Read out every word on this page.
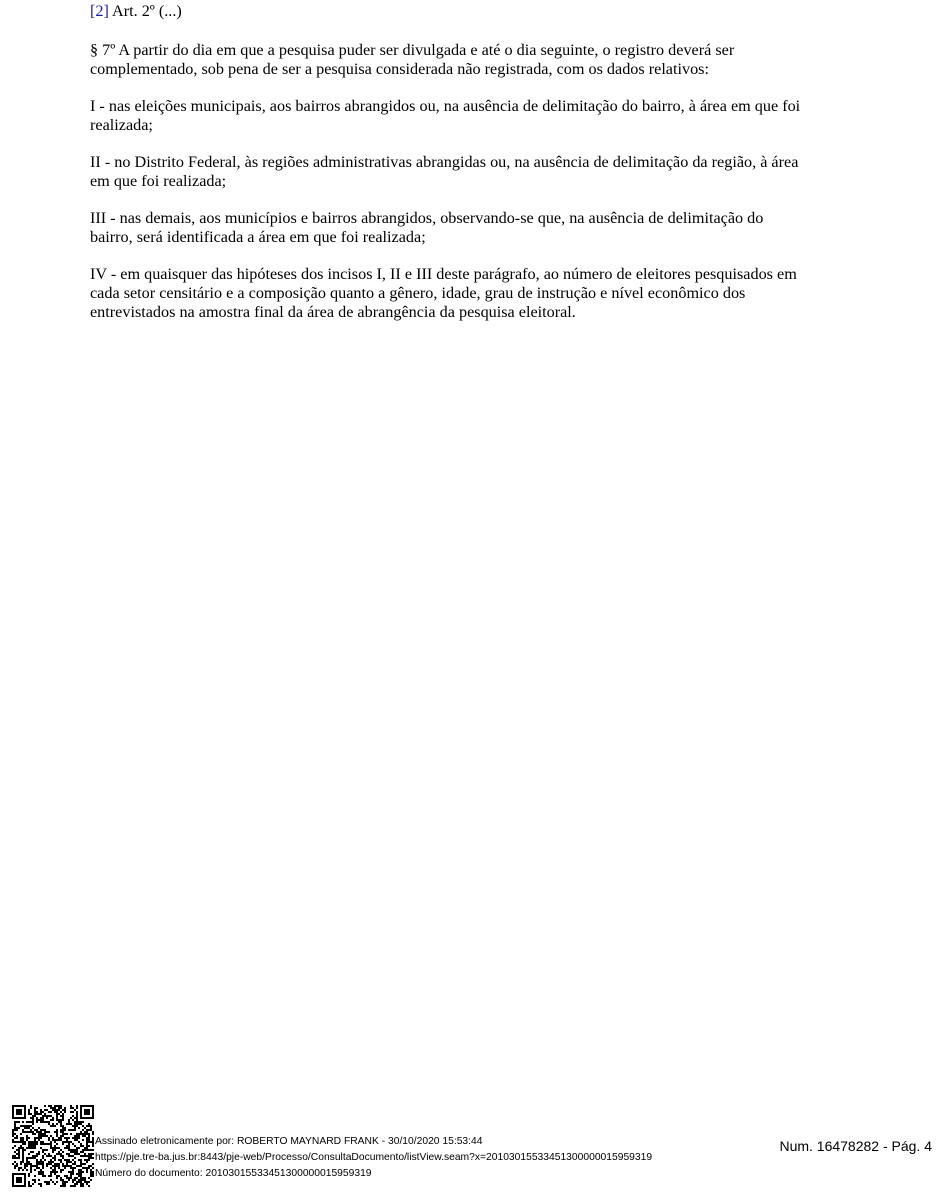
[2] Art. 2º (...)

§ 7º A partir do dia em que a pesquisa puder ser divulgada e até o dia seguinte, o registro deverá ser complementado, sob pena de ser a pesquisa considerada não registrada, com os dados relativos:

I - nas eleições municipais, aos bairros abrangidos ou, na ausência de delimitação do bairro, à área em que foi realizada;

II - no Distrito Federal, às regiões administrativas abrangidas ou, na ausência de delimitação da região, à área em que foi realizada;

III - nas demais, aos municípios e bairros abrangidos, observando-se que, na ausência de delimitação do bairro, será identificada a área em que foi realizada;

IV - em quaisquer das hipóteses dos incisos I, II e III deste parágrafo, ao número de eleitores pesquisados em cada setor censitário e a composição quanto a gênero, idade, grau de instrução e nível econômico dos entrevistados na amostra final da área de abrangência da pesquisa eleitoral.

Assinado eletronicamente por: ROBERTO MAYNARD FRANK - 30/10/2020 15:53:44
https://pje.tre-ba.jus.br:8443/pje-web/Processo/ConsultaDocumento/listView.seam?x=20103015533451300000015959319
Número do documento: 20103015533451300000015959319
Num. 16478282 - Pág. 4
